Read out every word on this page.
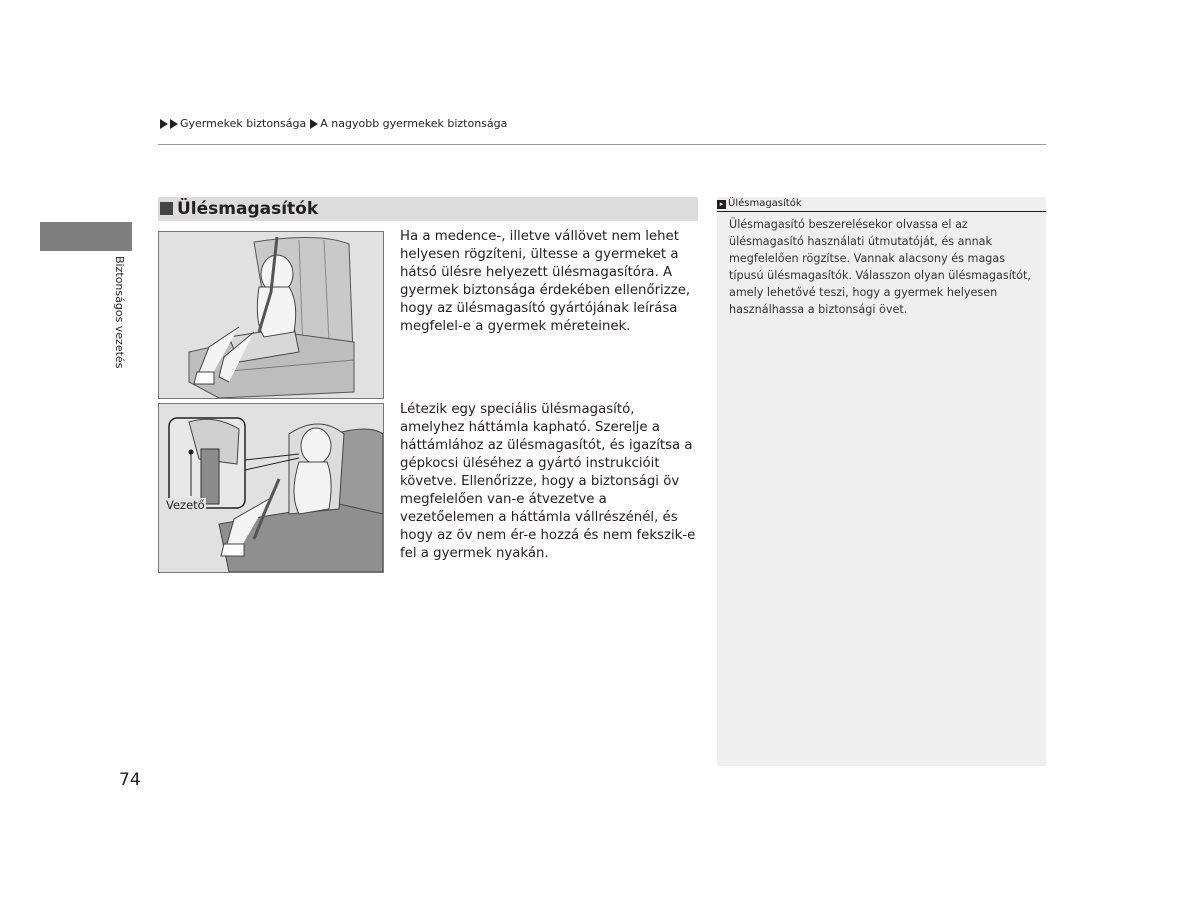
Gyermekek biztonsága A nagyobb gyermekek biztonsága
Biztonságos vezetés
Ülésmagasítók
Ha a medence-, illetve vállövet nem lehet helyesen rögzíteni, ültesse a gyermeket a hátsó ülésre helyezett ülésmagasítóra. A gyermek biztonsága érdekében ellenőrizze, hogy az ülésmagasító gyártójának leírása megfelel-e a gyermek méreteinek.
Vezető
Létezik egy speciális ülésmagasító, amelyhez háttámla kapható. Szerelje a háttámlához az ülésmagasítót, és igazítsa a gépkocsi üléséhez a gyártó instrukcióit követve. Ellenőrizze, hogy a biztonsági öv megfelelően van-e átvezetve a vezetőelemen a háttámla vállrészénél, és hogy az öv nem ér-e hozzá és nem fekszik-e fel a gyermek nyakán.
▸ Ülésmagasítók
Ülésmagasító beszerelésekor olvassa el az ülésmagasító használati útmutatóját, és annak megfelelően rögzítse. Vannak alacsony és magas típusú ülésmagasítók. Válasszon olyan ülésmagasítót, amely lehetővé teszi, hogy a gyermek helyesen használhassa a biztonsági övet.
74
